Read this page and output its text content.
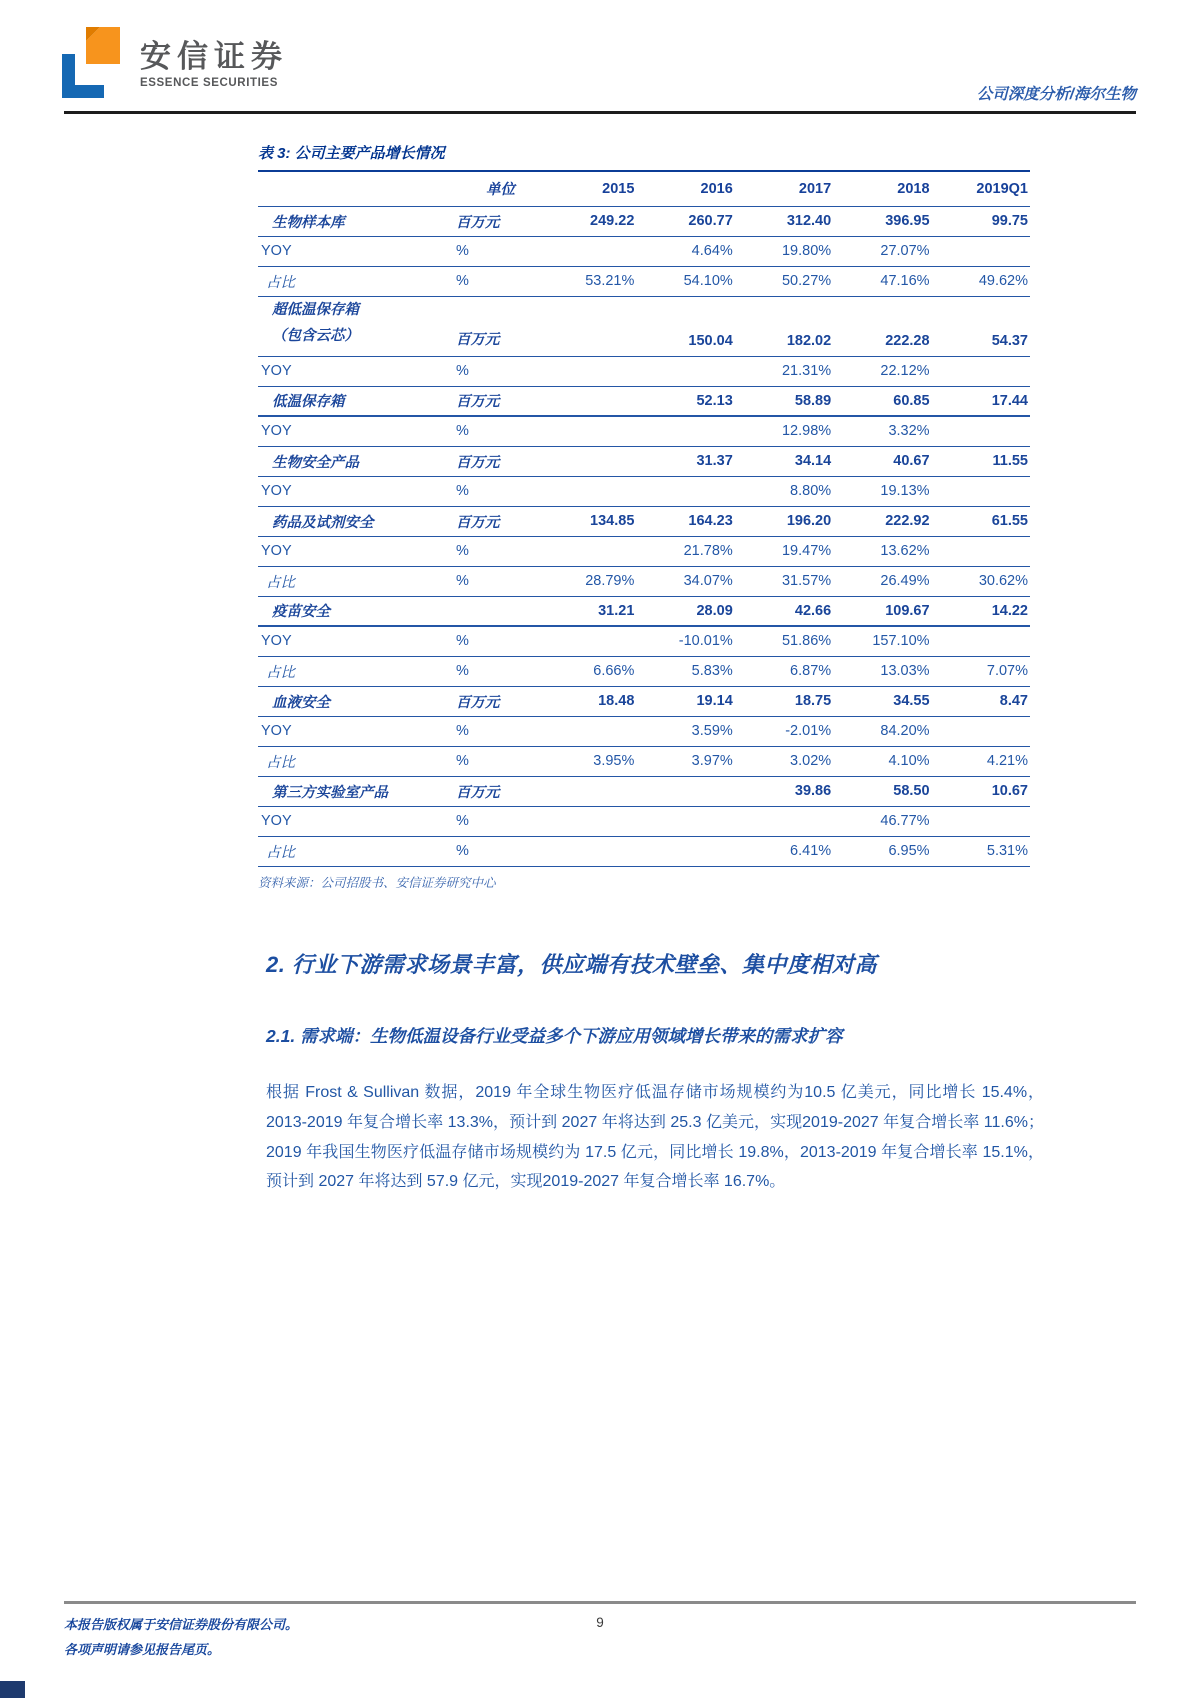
安信证券
ESSENCE SECURITIES
公司深度分析/海尔生物
表 3: 公司主要产品增长情况
	单位	2015	2016	2017	2018	2019Q1
生物样本库	百万元	249.22	260.77	312.40	396.95	99.75
YOY	%		4.64%	19.80%	27.07%	
占比	%	53.21%	54.10%	50.27%	47.16%	49.62%

超低温保存箱
（包含云芯）	百万元		150.04	182.02	222.28	54.37
YOY	%			21.31%	22.12%	
低温保存箱	百万元		52.13	58.89	60.85	17.44
YOY	%			12.98%	3.32%	
生物安全产品	百万元		31.37	34.14	40.67	11.55
YOY	%			8.80%	19.13%	
药品及试剂安全	百万元	134.85	164.23	196.20	222.92	61.55
YOY	%		21.78%	19.47%	13.62%	
占比	%	28.79%	34.07%	31.57%	26.49%	30.62%
疫苗安全		31.21	28.09	42.66	109.67	14.22
YOY	%		-10.01%	51.86%	157.10%	
占比	%	6.66%	5.83%	6.87%	13.03%	7.07%
血液安全	百万元	18.48	19.14	18.75	34.55	8.47
YOY	%		3.59%	-2.01%	84.20%	
占比	%	3.95%	3.97%	3.02%	4.10%	4.21%
第三方实验室产品	百万元			39.86	58.50	10.67
YOY	%				46.77%	
占比	%			6.41%	6.95%	5.31%
资料来源：公司招股书、安信证券研究中心
2. 行业下游需求场景丰富，供应端有技术壁垒、集中度相对高
2.1. 需求端：生物低温设备行业受益多个下游应用领域增长带来的需求扩容
根据 Frost & Sullivan 数据，2019 年全球生物医疗低温存储市场规模约为10.5 亿美元，同比增长 15.4%，2013-2019 年复合增长率 13.3%，预计到 2027 年将达到 25.3 亿美元，实现2019-2027 年复合增长率 11.6%；2019 年我国生物医疗低温存储市场规模约为 17.5 亿元，同比增长 19.8%，2013-2019 年复合增长率 15.1%，预计到 2027 年将达到 57.9 亿元，实现2019-2027 年复合增长率 16.7%。
本报告版权属于安信证券股份有限公司。
各项声明请参见报告尾页。
9
